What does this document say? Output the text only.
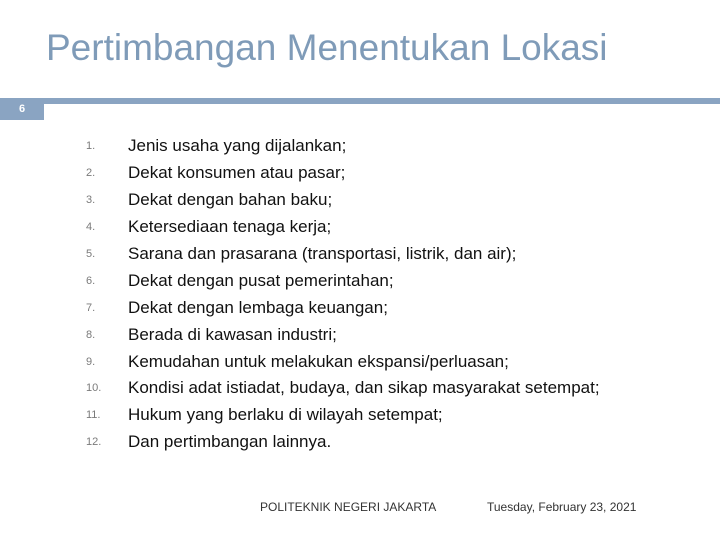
6
Pertimbangan Menentukan Lokasi
1.	Jenis usaha yang dijalankan;
2.	Dekat konsumen atau pasar;
3.	Dekat dengan bahan baku;
4.	Ketersediaan tenaga kerja;
5.	Sarana dan prasarana (transportasi, listrik, dan air);
6.	Dekat dengan pusat pemerintahan;
7.	Dekat dengan lembaga keuangan;
8.	Berada di kawasan industri;
9.	Kemudahan untuk melakukan ekspansi/perluasan;
10.	Kondisi adat istiadat, budaya, dan sikap masyarakat setempat;
11.	Hukum yang berlaku di wilayah setempat;
12.	Dan pertimbangan lainnya.
POLITEKNIK NEGERI JAKARTA	Tuesday, February 23, 2021
